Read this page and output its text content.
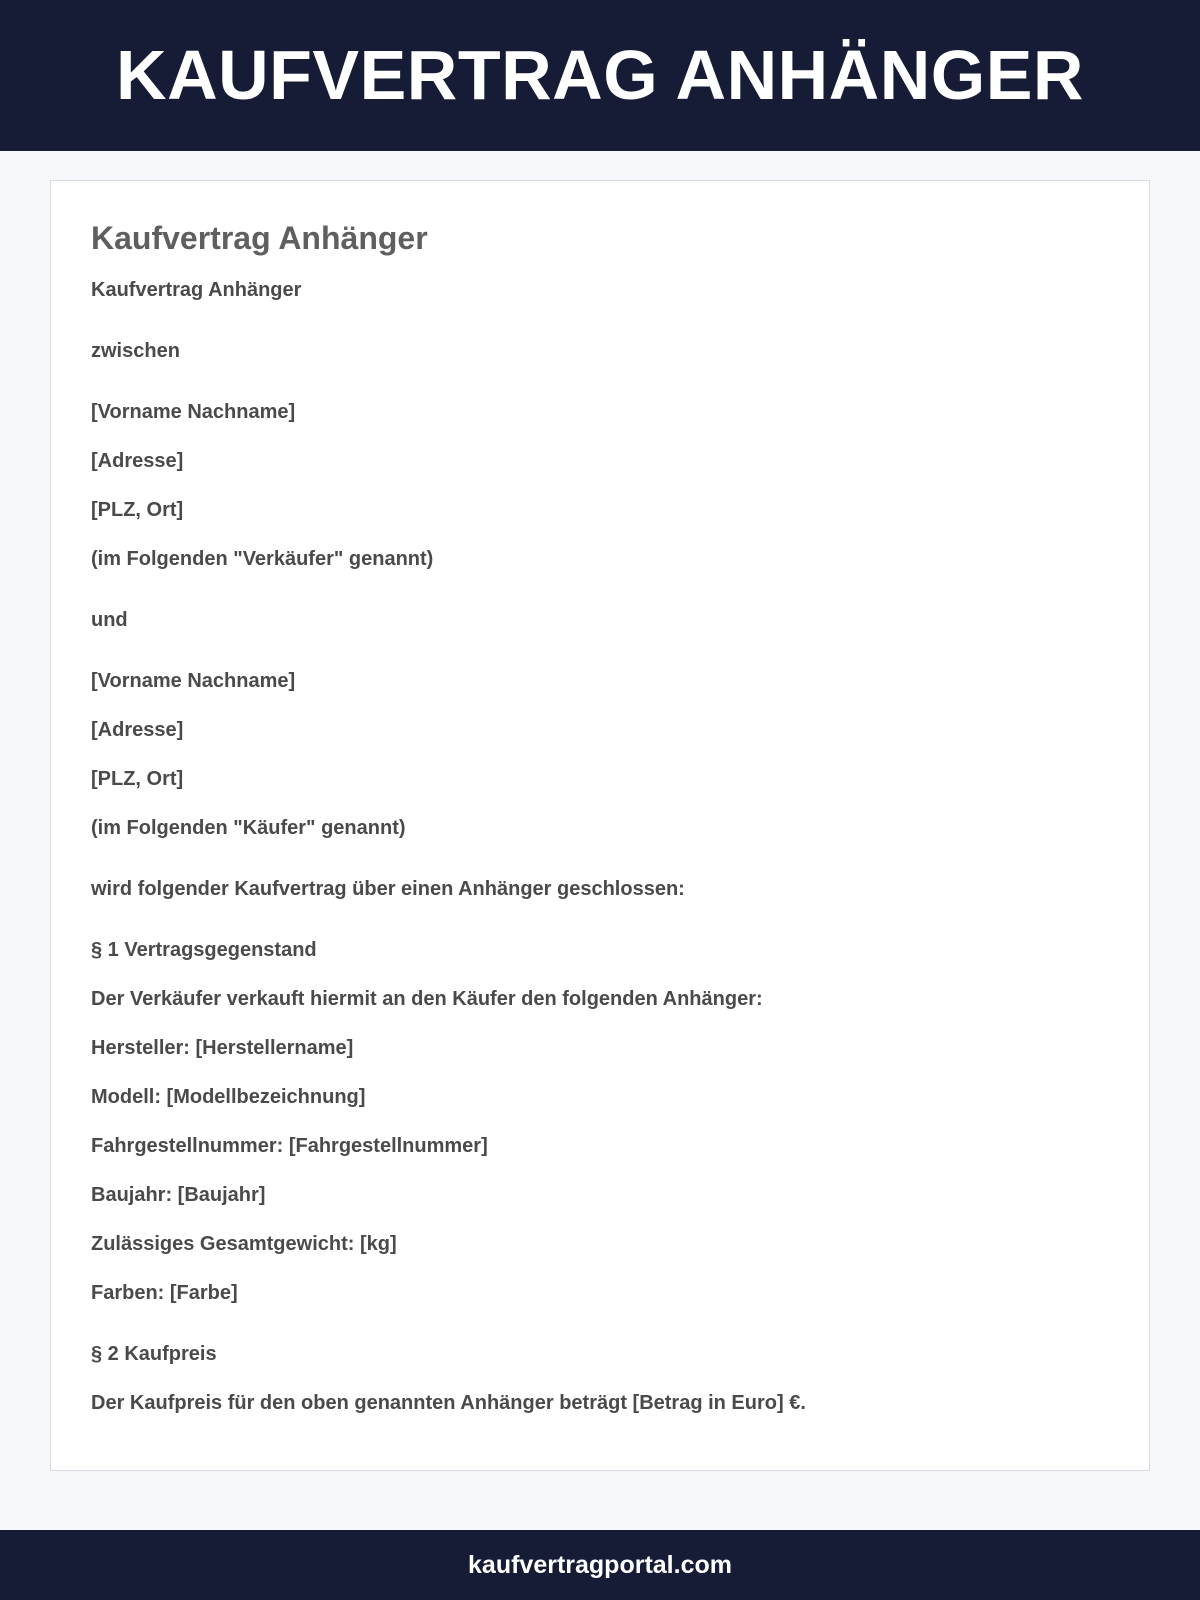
KAUFVERTRAG ANHÄNGER
Kaufvertrag Anhänger

Kaufvertrag Anhänger

zwischen

[Vorname Nachname]

[Adresse]

[PLZ, Ort]

(im Folgenden "Verkäufer" genannt)

und

[Vorname Nachname]

[Adresse]

[PLZ, Ort]

(im Folgenden "Käufer" genannt)

wird folgender Kaufvertrag über einen Anhänger geschlossen:

§ 1 Vertragsgegenstand

Der Verkäufer verkauft hiermit an den Käufer den folgenden Anhänger:

Hersteller: [Herstellername]

Modell: [Modellbezeichnung]

Fahrgestellnummer: [Fahrgestellnummer]

Baujahr: [Baujahr]

Zulässiges Gesamtgewicht: [kg]

Farben: [Farbe]

§ 2 Kaufpreis

Der Kaufpreis für den oben genannten Anhänger beträgt [Betrag in Euro] €.

kaufvertragportal.com
